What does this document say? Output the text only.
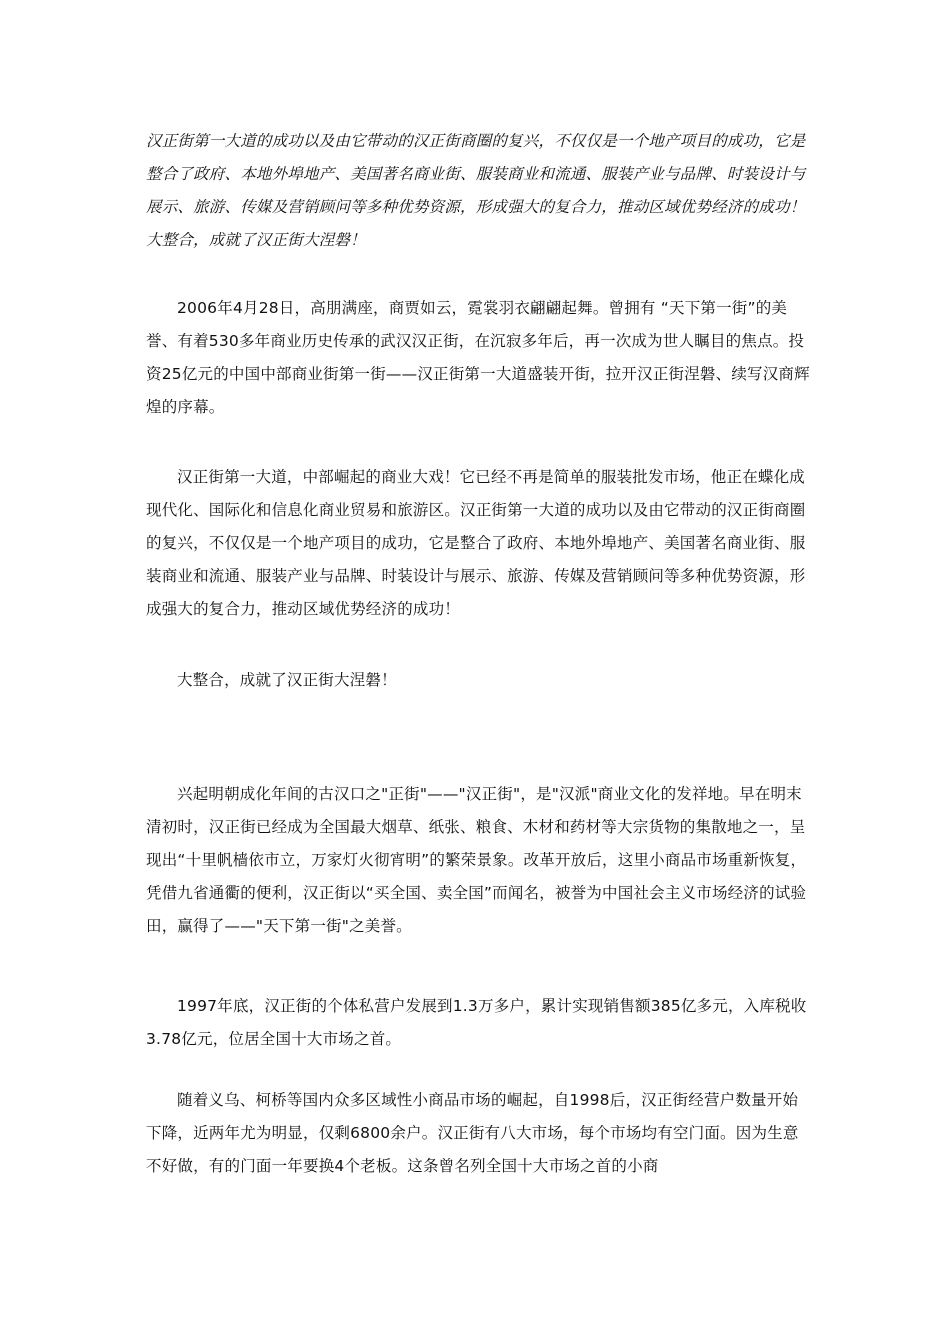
汉正街第一大道的成功以及由它带动的汉正街商圈的复兴，不仅仅是一个地产项目的成功，它是整合了政府、本地外埠地产、美国著名商业街、服装商业和流通、服装产业与品牌、时装设计与展示、旅游、传媒及营销顾问等多种优势资源，形成强大的复合力，推动区域优势经济的成功！大整合，成就了汉正街大涅磐！

2006年4月28日，高朋满座，商贾如云，霓裳羽衣翩翩起舞。曾拥有 “天下第一街”的美誉、有着530多年商业历史传承的武汉汉正街，在沉寂多年后，再一次成为世人瞩目的焦点。投资25亿元的中国中部商业街第一街——汉正街第一大道盛装开街，拉开汉正街涅磐、续写汉商辉煌的序幕。

汉正街第一大道，中部崛起的商业大戏！它已经不再是简单的服装批发市场，他正在蝶化成现代化、国际化和信息化商业贸易和旅游区。汉正街第一大道的成功以及由它带动的汉正街商圈的复兴，不仅仅是一个地产项目的成功，它是整合了政府、本地外埠地产、美国著名商业街、服装商业和流通、服装产业与品牌、时装设计与展示、旅游、传媒及营销顾问等多种优势资源，形成强大的复合力，推动区域优势经济的成功！

大整合，成就了汉正街大涅磐！

兴起明朝成化年间的古汉口之"正街"——"汉正街"，是"汉派"商业文化的发祥地。早在明末清初时，汉正街已经成为全国最大烟草、纸张、粮食、木材和药材等大宗货物的集散地之一，呈现出“十里帆樯依市立，万家灯火彻宵明”的繁荣景象。改革开放后，这里小商品市场重新恢复，凭借九省通衢的便利，汉正街以“买全国、卖全国”而闻名，被誉为中国社会主义市场经济的试验田，赢得了——"天下第一街"之美誉。

1997年底，汉正街的个体私营户发展到1.3万多户，累计实现销售额385亿多元，入库税收3.78亿元，位居全国十大市场之首。

随着义乌、柯桥等国内众多区域性小商品市场的崛起，自1998后，汉正街经营户数量开始下降，近两年尤为明显，仅剩6800余户。汉正街有八大市场，每个市场均有空门面。因为生意不好做，有的门面一年要换4个老板。这条曾名列全国十大市场之首的小商
